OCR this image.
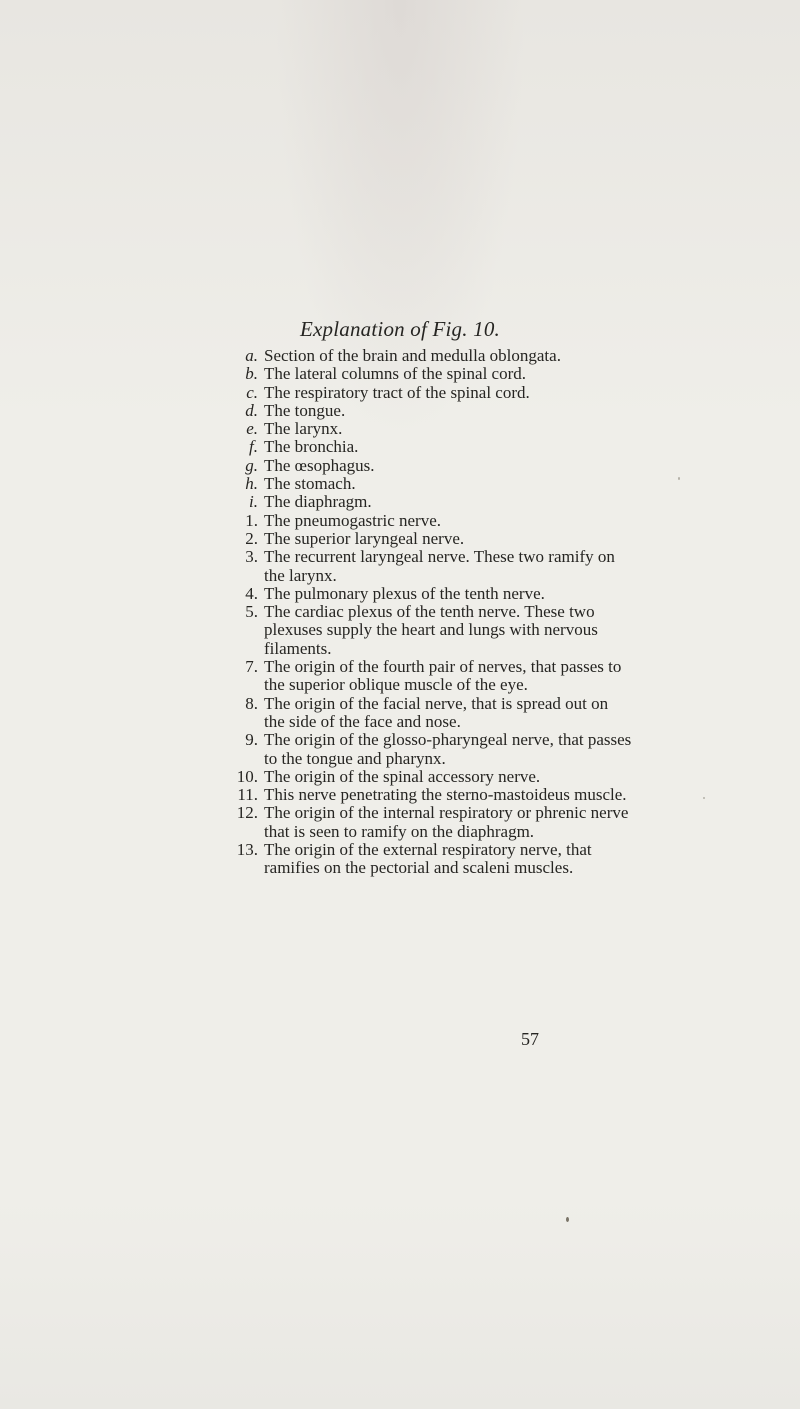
Explanation of Fig. 10.
a. Section of the brain and medulla oblongata.
b. The lateral columns of the spinal cord.
c. The respiratory tract of the spinal cord.
d. The tongue.
e. The larynx.
f. The bronchia.
g. The œsophagus.
h. The stomach.
i. The diaphragm.
1. The pneumogastric nerve.
2. The superior laryngeal nerve.
3. The recurrent laryngeal nerve. These two ramify on the larynx.
4. The pulmonary plexus of the tenth nerve.
5. The cardiac plexus of the tenth nerve. These two plexuses supply the heart and lungs with nervous filaments.
7. The origin of the fourth pair of nerves, that passes to the superior oblique muscle of the eye.
8. The origin of the facial nerve, that is spread out on the side of the face and nose.
9. The origin of the glosso-pharyngeal nerve, that passes to the tongue and pharynx.
10. The origin of the spinal accessory nerve.
11. This nerve penetrating the sterno-mastoideus muscle.
12. The origin of the internal respiratory or phrenic nerve that is seen to ramify on the diaphragm.
13. The origin of the external respiratory nerve, that ramifies on the pectorial and scaleni muscles.

57
